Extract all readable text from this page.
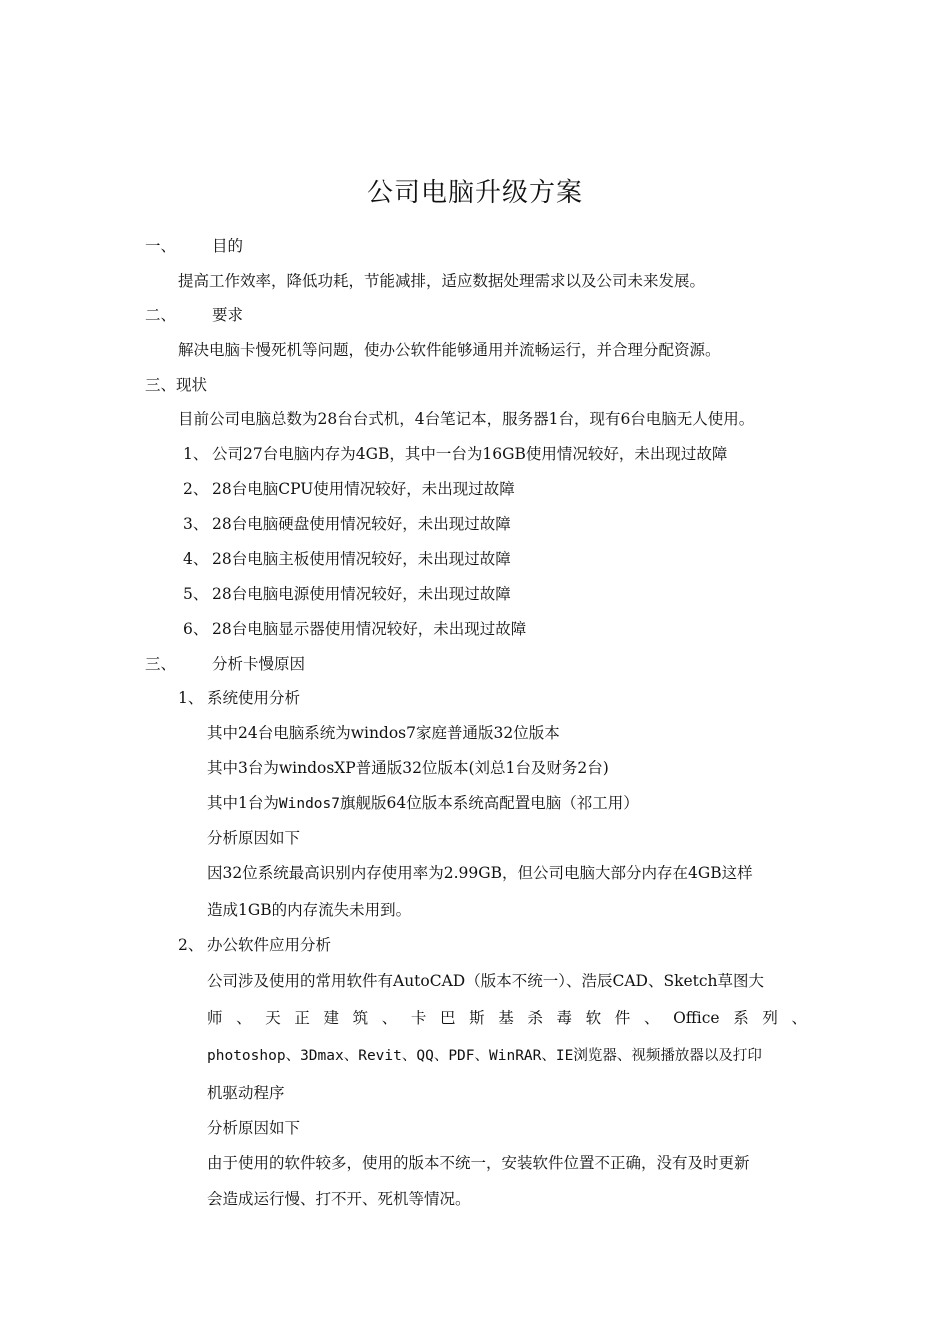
公司电脑升级方案
一、 目的
提高工作效率，降低功耗，节能减排，适应数据处理需求以及公司未来发展。
二、 要求
解决电脑卡慢死机等问题，使办公软件能够通用并流畅运行，并合理分配资源。
三、现状
目前公司电脑总数为28台台式机，4台笔记本，服务器1台，现有6台电脑无人使用。
1、 公司27台电脑内存为4GB，其中一台为16GB使用情况较好，未出现过故障
2、 28台电脑CPU使用情况较好，未出现过故障
3、 28台电脑硬盘使用情况较好，未出现过故障
4、 28台电脑主板使用情况较好，未出现过故障
5、 28台电脑电源使用情况较好，未出现过故障
6、 28台电脑显示器使用情况较好，未出现过故障
三、 分析卡慢原因
1、 系统使用分析
其中24台电脑系统为windos7家庭普通版32位版本
其中3台为windosXP普通版32位版本(刘总1台及财务2台)
其中1台为Windos7旗舰版64位版本系统高配置电脑（祁工用）
分析原因如下
因32位系统最高识别内存使用率为2.99GB，但公司电脑大部分内存在4GB这样
造成1GB的内存流失未用到。
2、 办公软件应用分析
公司涉及使用的常用软件有AutoCAD（版本不统一）、浩辰CAD、Sketch草图大
师、天正建筑、卡巴斯基杀毒软件、Office系列、
photoshop、3Dmax、Revit、QQ、PDF、WinRAR、IE浏览器、视频播放器以及打印
机驱动程序
分析原因如下
由于使用的软件较多，使用的版本不统一，安装软件位置不正确，没有及时更新
会造成运行慢、打不开、死机等情况。
